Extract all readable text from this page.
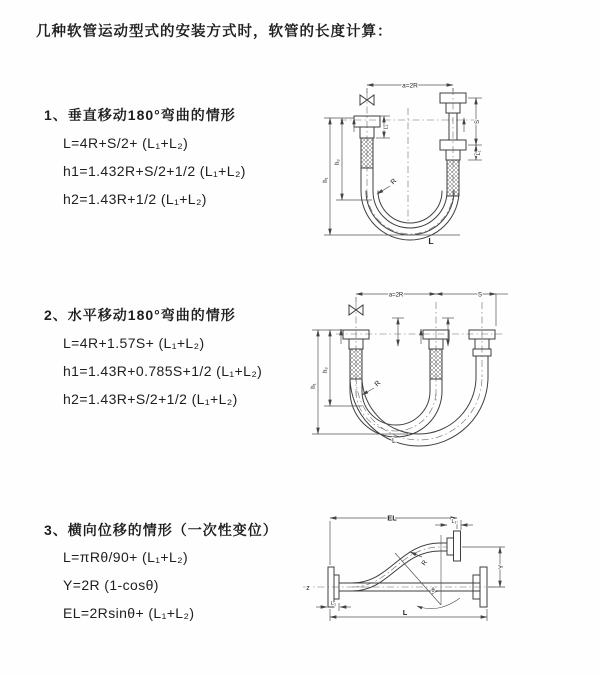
几种软管运动型式的安装方式时，软管的长度计算：
1、垂直移动180°弯曲的情形
L=4R+S/2+ (L₁+L₂)
h1=1.432R+S/2+1/2 (L₁+L₂)
h2=1.43R+1/2 (L₁+L₂)
2、水平移动180°弯曲的情形
L=4R+1.57S+ (L₁+L₂)
h1=1.43R+0.785S+1/2 (L₁+L₂)
h2=1.43R+S/2+1/2 (L₁+L₂)
3、横向位移的情形（一次性变位）
L=πRθ/90+ (L₁+L₂)
Y=2R (1-cosθ)
EL=2Rsinθ+ (L₁+L₂)
a=2R
S
L₁
L₁
h₁
h₂
R
L
a=2R	S
h₁
h₂
R
L
EL	L₁
Y
R
θ
L
L₁
z
